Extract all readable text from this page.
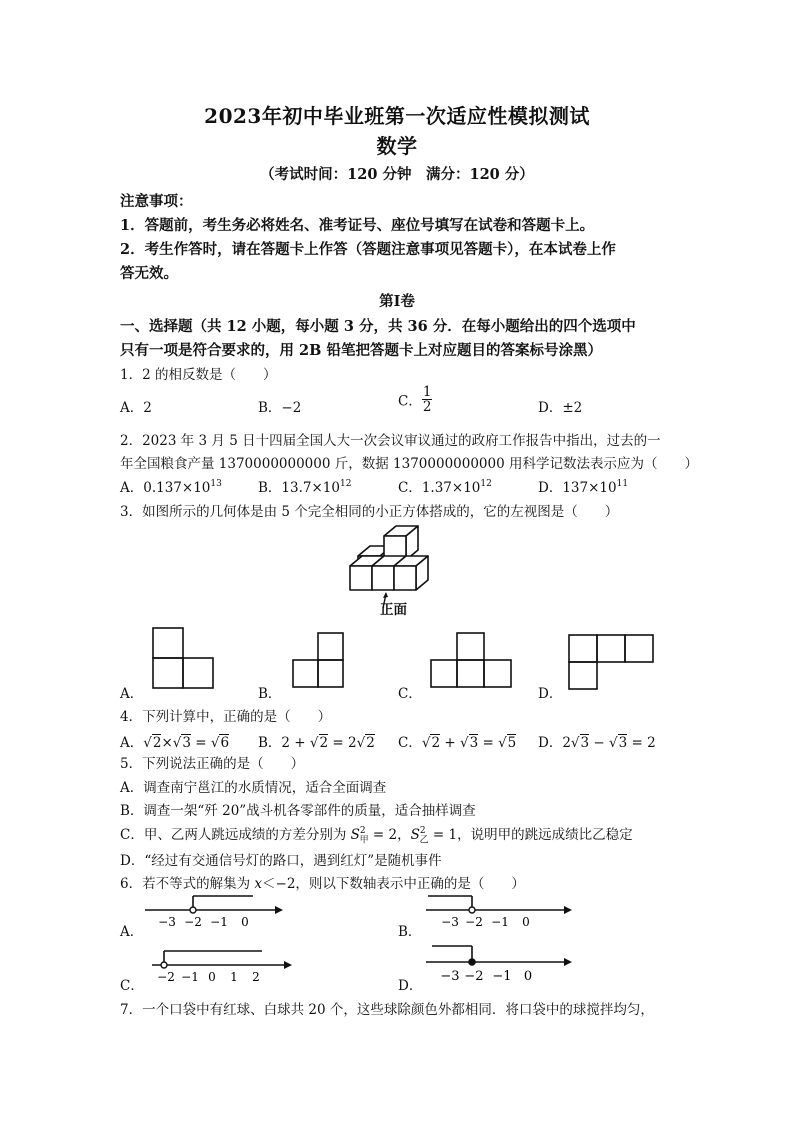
2023年初中毕业班第一次适应性模拟测试
数学
（考试时间：120 分钟　满分：120 分）
注意事项：
1．答题前，考生务必将姓名、准考证号、座位号填写在试卷和答题卡上。
2．考生作答时，请在答题卡上作答（答题注意事项见答题卡），在本试卷上作
答无效。
第Ⅰ卷
一、选择题（共 12 小题，每小题 3 分，共 36 分．在每小题给出的四个选项中
只有一项是符合要求的，用 2B 铅笔把答题卡上对应题目的答案标号涂黑）
1．2 的相反数是（　　）
A．2	B．−2	C． $\frac{1}{2}$	D．±2
2．2023 年 3 月 5 日十四届全国人大一次会议审议通过的政府工作报告中指出，过去的一
年全国粮食产量 1370000000000 斤，数据 1370000000000 用科学记数法表示应为（　　）
A．$0.137\times 10^{13}$	B．$13.7\times 10^{12}$	C．$1.37\times 10^{12}$	D．$137\times 10^{11}$
3．如图所示的几何体是由 5 个完全相同的小正方体搭成的，它的左视图是（　　）
正面
A．	B．	C．	D．
4．下列计算中，正确的是（　　）
A．√2×√3 = √6 B．2 + √2 = 2√2 C．√2 + √3 = √5 D．2√3 − √3 = 2
5．下列说法正确的是（　　）
A．调查南宁邕江的水质情况，适合全面调查
B．调查一架“歼 20”战斗机各零部件的质量，适合抽样调查
C．甲、乙两人跳远成绩的方差分别为 $S^2_甲 = 2$，$S^2_乙 = 1$，说明甲的跳远成绩比乙稳定
D．“经过有交通信号灯的路口，遇到红灯”是随机事件
6．若不等式的解集为 x＜−2，则以下数轴表示中正确的是（　　）
A．
−3 −2 −1 0
B．
−3 −2 −1 0
C．
−2 −1 0 1 2
D．
−3 −2 −1 0
7．一个口袋中有红球、白球共 20 个，这些球除颜色外都相同．将口袋中的球搅拌均匀，
